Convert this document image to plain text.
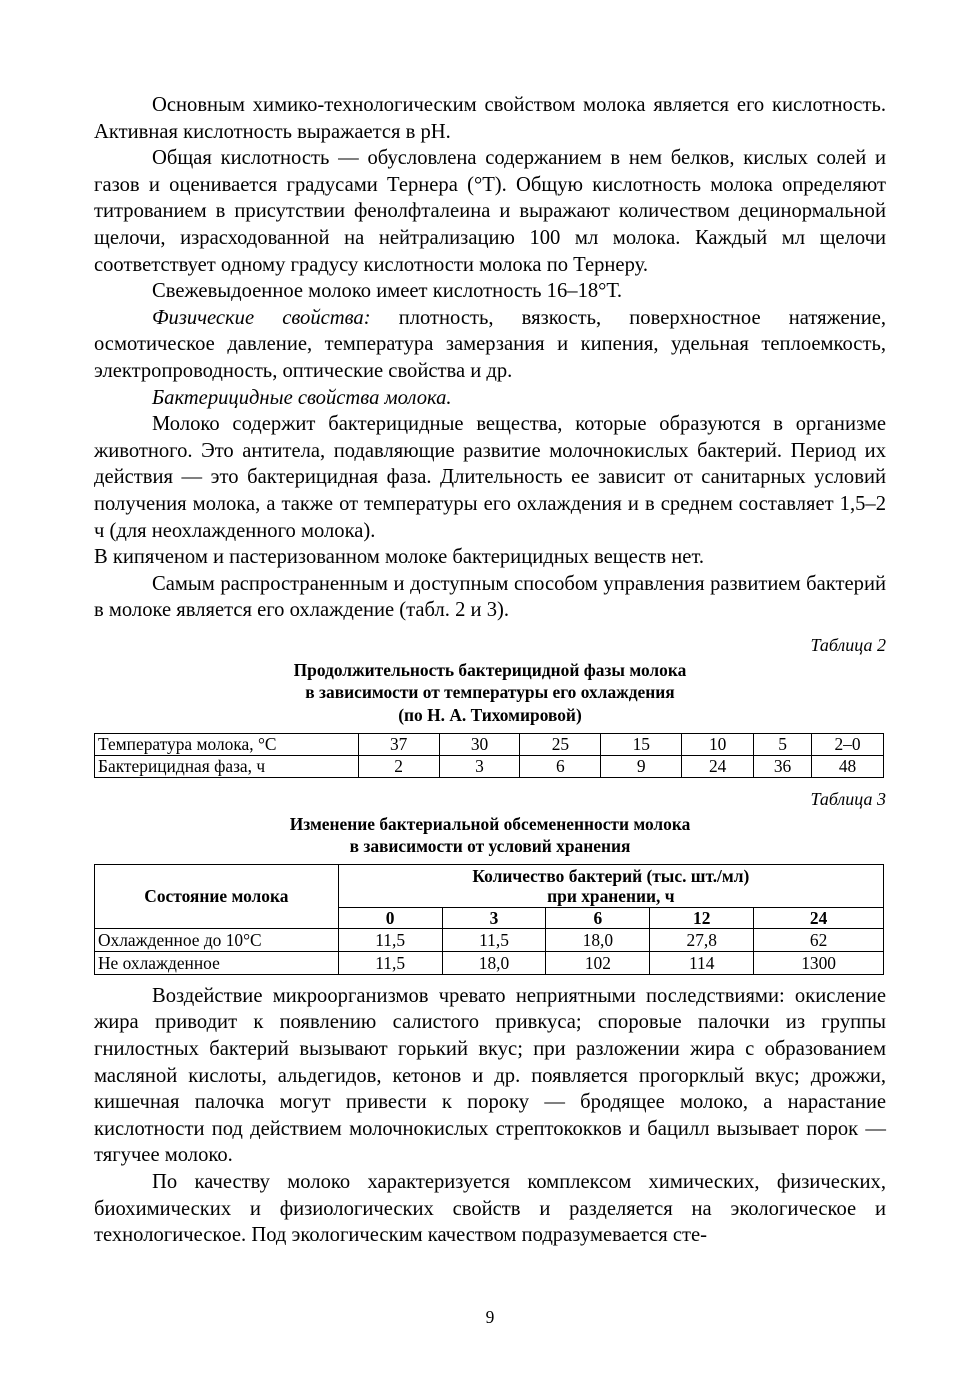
Основным химико-технологическим свойством молока является его кислотность. Активная кислотность выражается в pH.

Общая кислотность — обусловлена содержанием в нем белков, кислых солей и газов и оценивается градусами Тернера (°Т). Общую кислотность молока определяют титрованием в присутствии фенолфталеина и выражают количеством децинормальной щелочи, израсходованной на нейтрализацию 100 мл молока. Каждый мл щелочи соответствует одному градусу кислотности молока по Тернеру.

Свежевыдоенное молоко имеет кислотность 16–18°Т.

Физические свойства: плотность, вязкость, поверхностное натяжение, осмотическое давление, температура замерзания и кипения, удельная теплоемкость, электропроводность, оптические свойства и др.

Бактерицидные свойства молока.

Молоко содержит бактерицидные вещества, которые образуются в организме животного. Это антитела, подавляющие развитие молочнокислых бактерий. Период их действия — это бактерицидная фаза. Длительность ее зависит от санитарных условий получения молока, а также от температуры его охлаждения и в среднем составляет 1,5–2 ч (для неохлажденного молока).

В кипяченом и пастеризованном молоке бактерицидных веществ нет.

Самым распространенным и доступным способом управления развитием бактерий в молоке является его охлаждение (табл. 2 и 3).

Таблица 2
Продолжительность бактерицидной фазы молока
в зависимости от температуры его охлаждения
(по Н. А. Тихомировой)
Температура молока, °С	37	30	25	15	10	5	2–0
Бактерицидная фаза, ч	2	3	6	9	24	36	48
Таблица 3
Изменение бактериальной обсемененности молока
в зависимости от условий хранения
Состояние молока	Количество бактерий (тыс. шт./мл)
при хранении, ч				

	0	3	6	12	24
Охлажденное до 10°С	11,5	11,5	18,0	27,8	62
Не охлажденное	11,5	18,0	102	114	1300

Воздействие микроорганизмов чревато неприятными последствиями: окисление жира приводит к появлению салистого привкуса; споровые палочки из группы гнилостных бактерий вызывают горький вкус; при разложении жира с образованием масляной кислоты, альдегидов, кетонов и др. появляется прогорклый вкус; дрожжи, кишечная палочка могут привести к пороку — бродящее молоко, а нарастание кислотности под действием молочнокислых стрептококков и бацилл вызывает порок — тягучее молоко.

По качеству молоко характеризуется комплексом химических, физических, биохимических и физиологических свойств и разделяется на экологическое и технологическое. Под экологическим качеством подразумевается сте-

9
